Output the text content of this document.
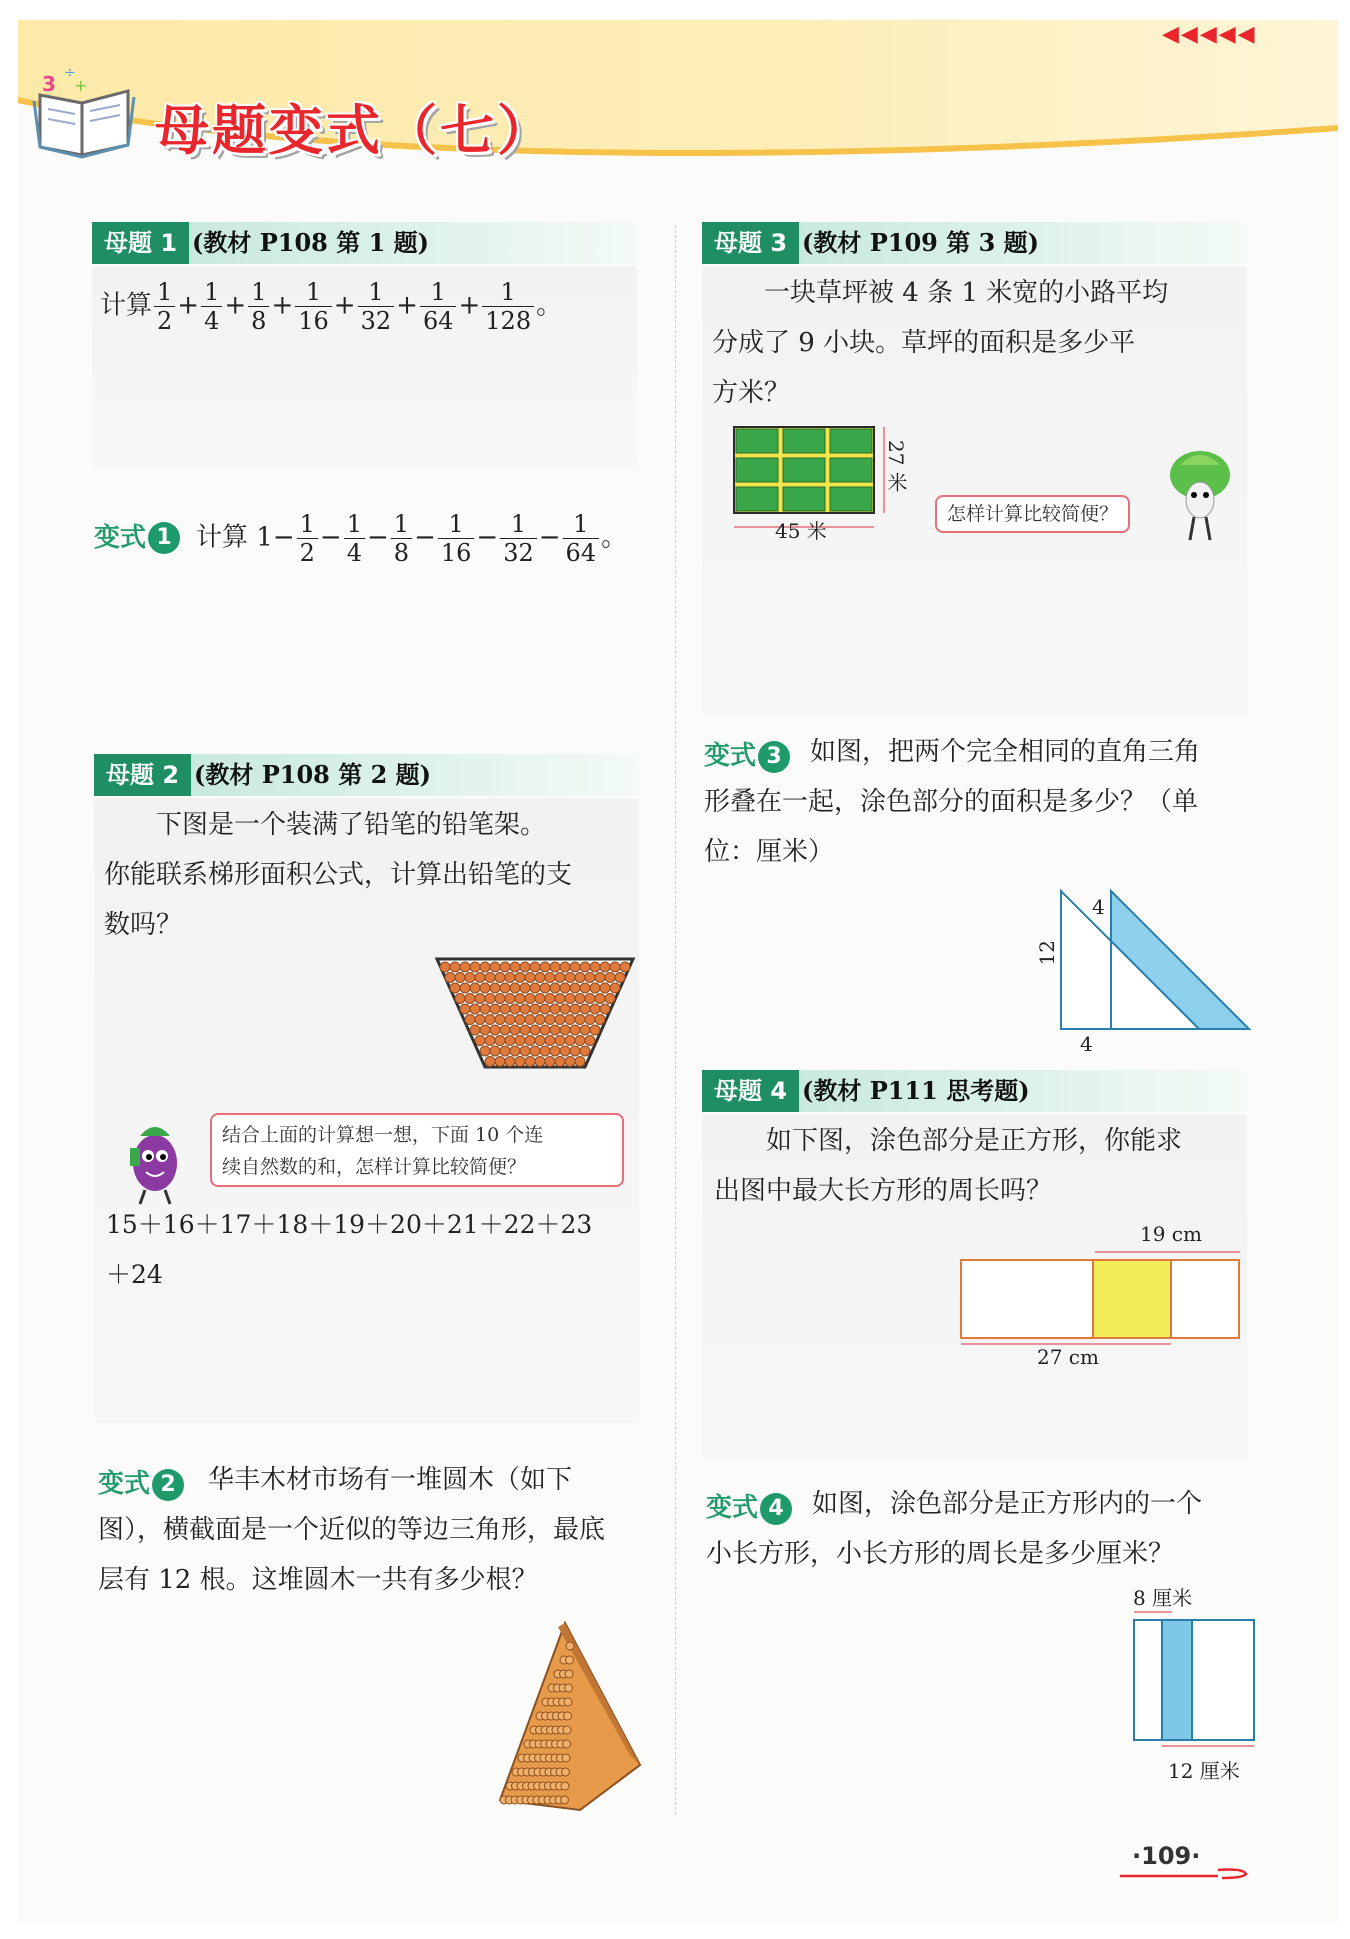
3 ÷
+
母题变式（七）
◀◀◀◀◀
母题 1 (教材 P108 第 1 题)
计算 $\frac{1}{2} + \frac{1}{4} + \frac{1}{8} + \frac{1}{16} + \frac{1}{32} + \frac{1}{64} + \frac{1}{128}$ 。
变式 1 计算 $1- \frac{1}{2} - \frac{1}{4} - \frac{1}{8} - \frac{1}{16} - \frac{1}{32} - \frac{1}{64}$ 。
母题 2 (教材 P108 第 2 题)
　　下图是一个装满了铅笔的铅笔架。
你能联系梯形面积公式，计算出铅笔的支
数吗？
结合上面的计算想一想，下面 10 个连
续自然数的和，怎样计算比较简便？
15＋16＋17＋18＋19＋20＋21＋22＋23
＋24
变式 2	华丰木材市场有一堆圆木（如下
图），横截面是一个近似的等边三角形，最底
层有 12 根。这堆圆木一共有多少根？
母题 3 (教材 P109 第 3 题)
　　一块草坪被 4 条 1 米宽的小路平均
分成了 9 小块。草坪的面积是多少平
方米？
45 米
27 米
怎样计算比较简便？
变式 3	如图，把两个完全相同的直角三角
形叠在一起，涂色部分的面积是多少？（单
位：厘米）
12
4
4
母题 4 (教材 P111 思考题)
　　如下图，涂色部分是正方形，你能求
出图中最大长方形的周长吗？
19 cm
27 cm
变式 4	如图，涂色部分是正方形内的一个
小长方形，小长方形的周长是多少厘米？
8 厘米
12 厘米
·109·
